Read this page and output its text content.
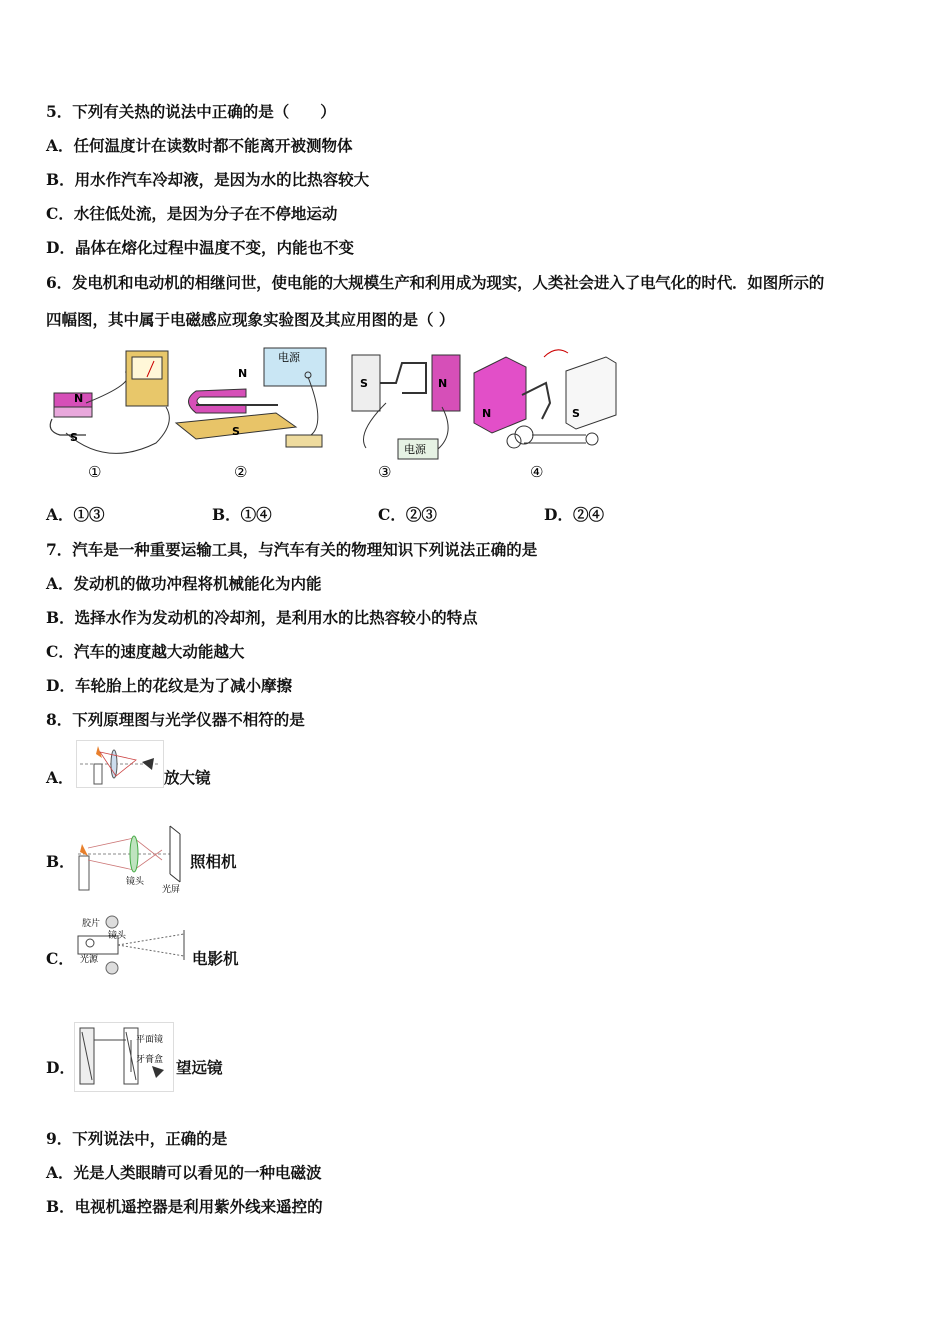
5．下列有关热的说法中正确的是（　　）
A．任何温度计在读数时都不能离开被测物体
B．用水作汽车冷却液，是因为水的比热容较大
C．水往低处流，是因为分子在不停地运动
D．晶体在熔化过程中温度不变，内能也不变
6．发电机和电动机的相继问世，使电能的大规模生产和利用成为现实，人类社会进入了电气化的时代．如图所示的
四幅图，其中属于电磁感应现象实验图及其应用图的是（ ）
N
S
①
N
S
电源
②
S	N
电源
③
N	S
④
A．①③	B．①④	C．②③	D．②④
7．汽车是一种重要运输工具，与汽车有关的物理知识下列说法正确的是
A．发动机的做功冲程将机械能化为内能
B．选择水作为发动机的冷却剂，是利用水的比热容较小的特点
C．汽车的速度越大动能越大
D．车轮胎上的花纹是为了减小摩擦
8．下列原理图与光学仪器不相符的是
A．	放大镜
B．
镜头
光屏
照相机
C．
胶片
镜头
光源	电影机
D．
平面镜
牙膏盒 望远镜
9．下列说法中，正确的是
A．光是人类眼睛可以看见的一种电磁波
B．电视机遥控器是利用紫外线来遥控的
